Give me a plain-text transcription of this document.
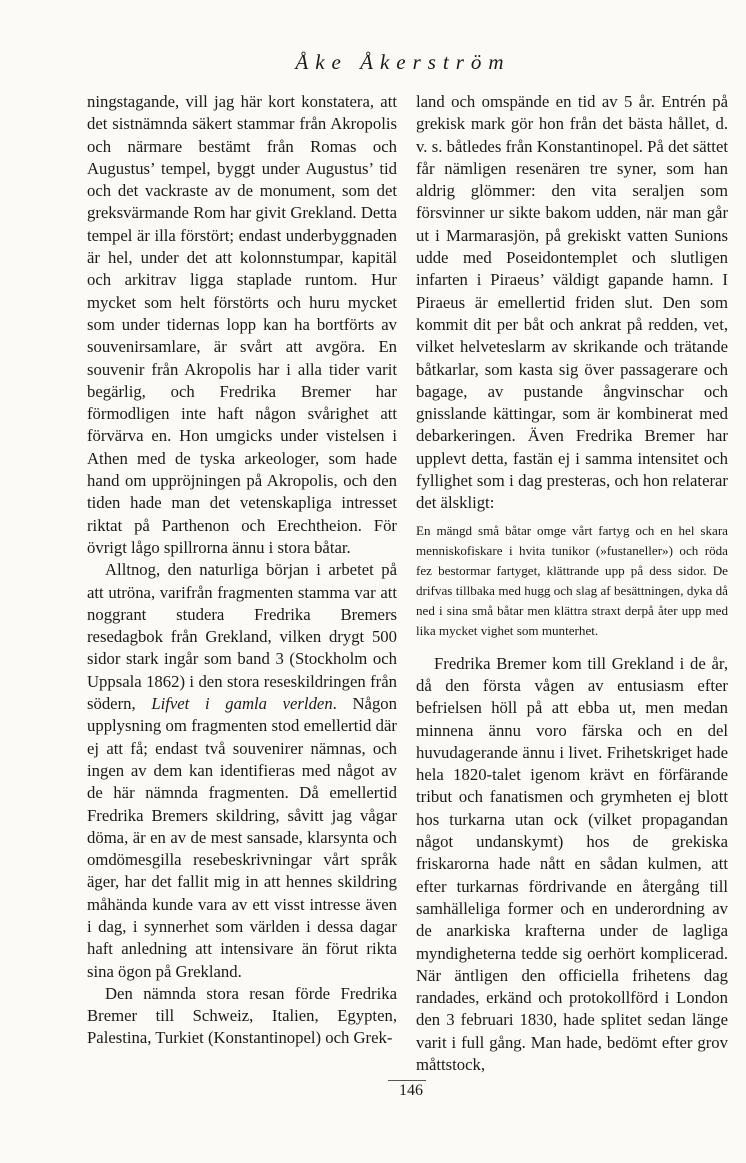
Åke Åkerström

ningstagande, vill jag här kort konstatera, att det sistnämnda säkert stammar från Akropolis och närmare bestämt från Romas och Augustus’ tempel, byggt under Augustus’ tid och det vackraste av de monument, som det greksvärmande Rom har givit Grekland. Detta tempel är illa förstört; endast underbyggnaden är hel, under det att kolonnstumpar, kapitäl och arkitrav ligga staplade runtom. Hur mycket som helt förstörts och huru mycket som under tidernas lopp kan ha bortförts av souvenirsamlare, är svårt att avgöra. En souvenir från Akropolis har i alla tider varit begärlig, och Fredrika Bremer har förmodligen inte haft någon svårighet att förvärva en. Hon umgicks under vistelsen i Athen med de tyska arkeologer, som hade hand om uppröjningen på Akropolis, och den tiden hade man det vetenskapliga intresset riktat på Parthenon och Erechtheion. För övrigt lågo spillrorna ännu i stora båtar.

Alltnog, den naturliga början i arbetet på att utröna, varifrån fragmenten stamma var att noggrant studera Fredrika Bremers resedagbok från Grekland, vilken drygt 500 sidor stark ingår som band 3 (Stockholm och Uppsala 1862) i den stora reseskildringen från södern, Lifvet i gamla verlden. Någon upplysning om fragmenten stod emellertid där ej att få; endast två souvenirer nämnas, och ingen av dem kan identifieras med något av de här nämnda fragmenten. Då emellertid Fredrika Bremers skildring, såvitt jag vågar döma, är en av de mest sansade, klarsynta och omdömesgilla resebeskrivningar vårt språk äger, har det fallit mig in att hennes skildring måhända kunde vara av ett visst intresse även i dag, i synnerhet som världen i dessa dagar haft anledning att intensivare än förut rikta sina ögon på Grekland.

Den nämnda stora resan förde Fredrika Bremer till Schweiz, Italien, Egypten, Palestina, Turkiet (Konstantinopel) och Grek-

land och omspände en tid av 5 år. Entrén på grekisk mark gör hon från det bästa hållet, d. v. s. båtledes från Konstantinopel. På det sättet får nämligen resenären tre syner, som han aldrig glömmer: den vita seraljen som försvinner ur sikte bakom udden, när man går ut i Marmarasjön, på grekiskt vatten Sunions udde med Poseidontemplet och slutligen infarten i Piraeus’ väldigt gapande hamn. I Piraeus är emellertid friden slut. Den som kommit dit per båt och ankrat på redden, vet, vilket helveteslarm av skrikande och trätande båtkarlar, som kasta sig över passagerare och bagage, av pustande ångvinschar och gnisslande kättingar, som är kombinerat med debarkeringen. Även Fredrika Bremer har upplevt detta, fastän ej i samma intensitet och fyllighet som i dag presteras, och hon relaterar det älskligt:

En mängd små båtar omge vårt fartyg och en hel skara menniskofiskare i hvita tunikor (»fustaneller») och röda fez bestormar fartyget, klättrande upp på dess sidor. De drifvas tillbaka med hugg och slag af besättningen, dyka då ned i sina små båtar men klättra straxt derpå åter upp med lika mycket vighet som munterhet.

Fredrika Bremer kom till Grekland i de år, då den första vågen av entusiasm efter befrielsen höll på att ebba ut, men medan minnena ännu voro färska och en del huvudagerande ännu i livet. Frihetskriget hade hela 1820-talet igenom krävt en förfärande tribut och fanatismen och grymheten ej blott hos turkarna utan ock (vilket propagandan något undanskymt) hos de grekiska friskarorna hade nått en sådan kulmen, att efter turkarnas fördrivande en återgång till samhälleliga former och en underordning av de anarkiska krafterna under de lagliga myndigheterna tedde sig oerhört komplicerad. När äntligen den officiella frihetens dag randades, erkänd och protokollförd i London den 3 februari 1830, hade splitet sedan länge varit i full gång. Man hade, bedömt efter grov måttstock,

146
